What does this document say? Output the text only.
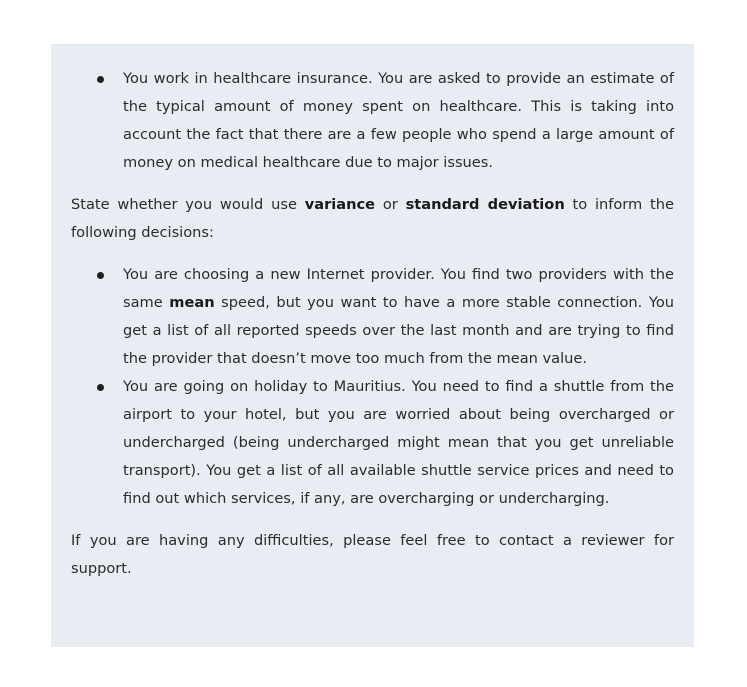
You work in healthcare insurance. You are asked to provide an estimate of the typical amount of money spent on healthcare. This is taking into account the fact that there are a few people who spend a large amount of money on medical healthcare due to major issues.

State whether you would use variance or standard deviation to inform the following decisions:

You are choosing a new Internet provider. You find two providers with the same mean speed, but you want to have a more stable connection. You get a list of all reported speeds over the last month and are trying to find the provider that doesn’t move too much from the mean value.
You are going on holiday to Mauritius. You need to find a shuttle from the airport to your hotel, but you are worried about being overcharged or undercharged (being undercharged might mean that you get unreliable transport). You get a list of all available shuttle service prices and need to find out which services, if any, are overcharging or undercharging.

If you are having any difficulties, please feel free to contact a reviewer for support.
